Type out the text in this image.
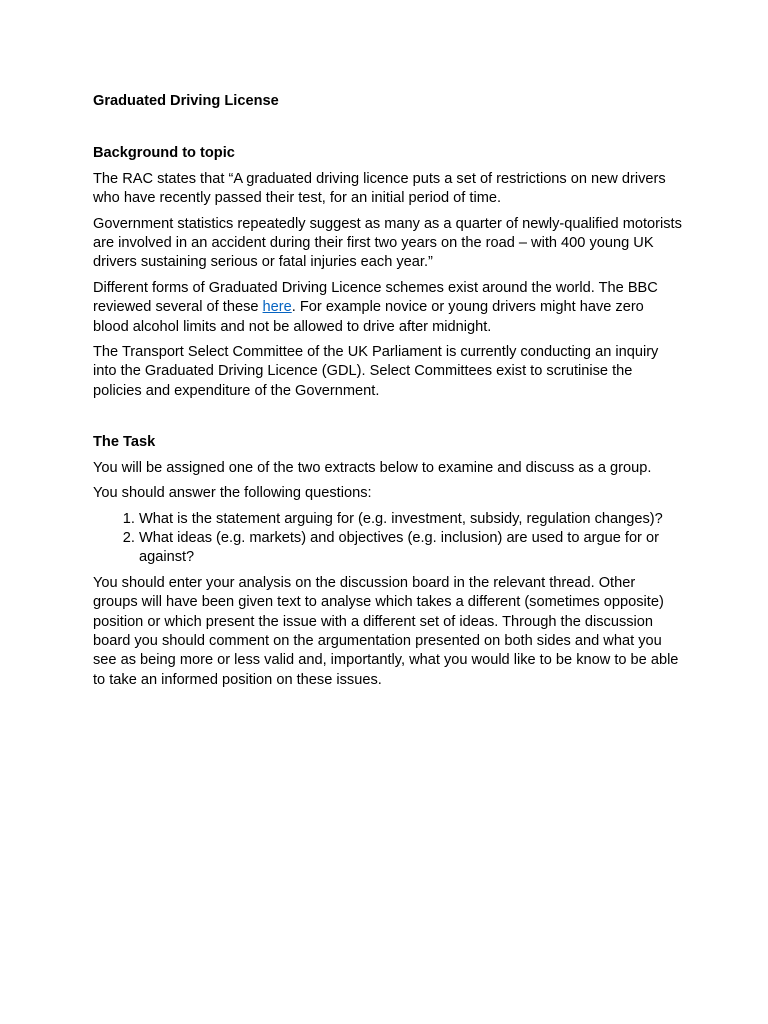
Graduated Driving License
Background to topic

The RAC states that “A graduated driving licence puts a set of restrictions on new drivers who have recently passed their test, for an initial period of time.

Government statistics repeatedly suggest as many as a quarter of newly-qualified motorists are involved in an accident during their first two years on the road – with 400 young UK drivers sustaining serious or fatal injuries each year.”

Different forms of Graduated Driving Licence schemes exist around the world. The BBC reviewed several of these here. For example novice or young drivers might have zero blood alcohol limits and not be allowed to drive after midnight.

The Transport Select Committee of the UK Parliament is currently conducting an inquiry into the Graduated Driving Licence (GDL). Select Committees exist to scrutinise the policies and expenditure of the Government.

The Task

You will be assigned one of the two extracts below to examine and discuss as a group.

You should answer the following questions:

1. What is the statement arguing for (e.g. investment, subsidy, regulation changes)?
2. What ideas (e.g. markets) and objectives (e.g. inclusion) are used to argue for or against?

You should enter your analysis on the discussion board in the relevant thread. Other groups will have been given text to analyse which takes a different (sometimes opposite) position or which present the issue with a different set of ideas. Through the discussion board you should comment on the argumentation presented on both sides and what you see as being more or less valid and, importantly, what you would like to be know to be able to take an informed position on these issues.
